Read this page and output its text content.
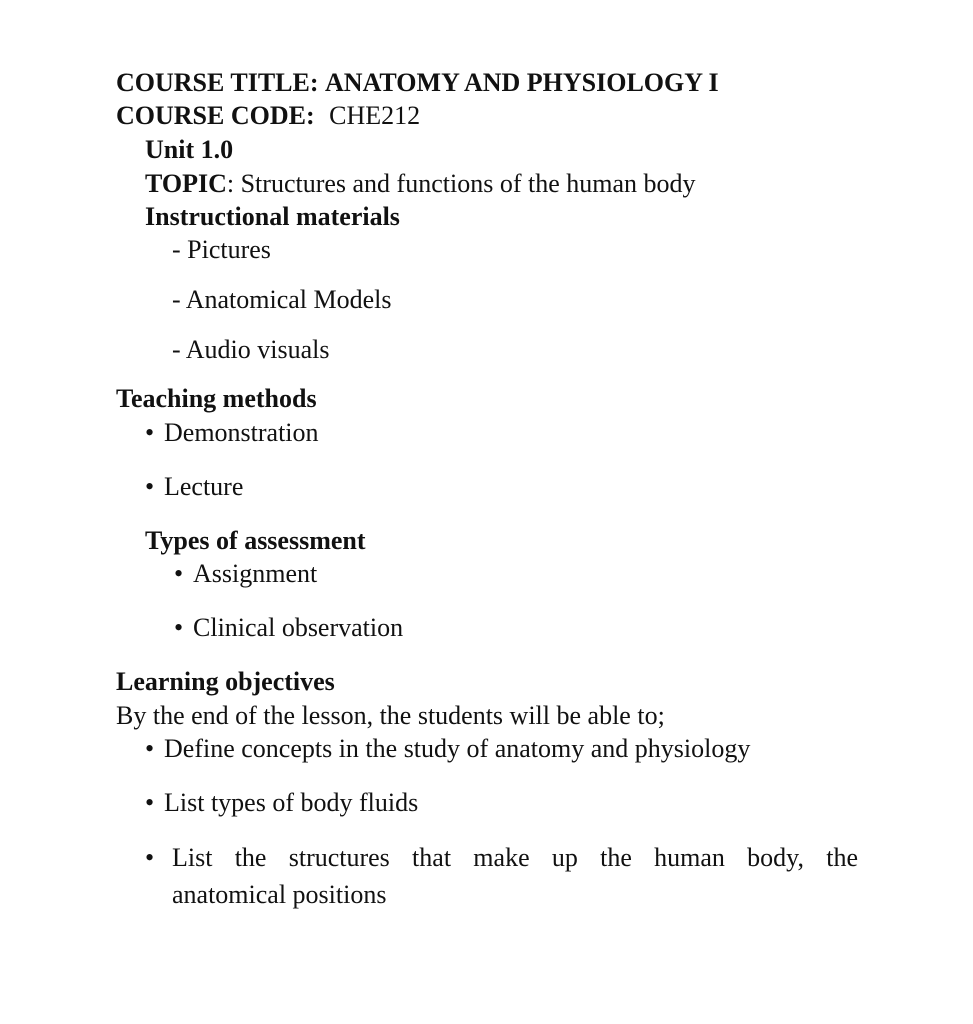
COURSE TITLE: ANATOMY AND PHYSIOLOGY I
COURSE CODE: CHE212
Unit 1.0
TOPIC: Structures and functions of the human body
Instructional materials
- Pictures
- Anatomical Models
- Audio visuals
Teaching methods
• Demonstration
• Lecture
Types of assessment
• Assignment
• Clinical observation
Learning objectives
By the end of the lesson, the students will be able to;
• Define concepts in the study of anatomy and physiology
• List types of body fluids
• List the structures that make up the human body, the
anatomical positions
